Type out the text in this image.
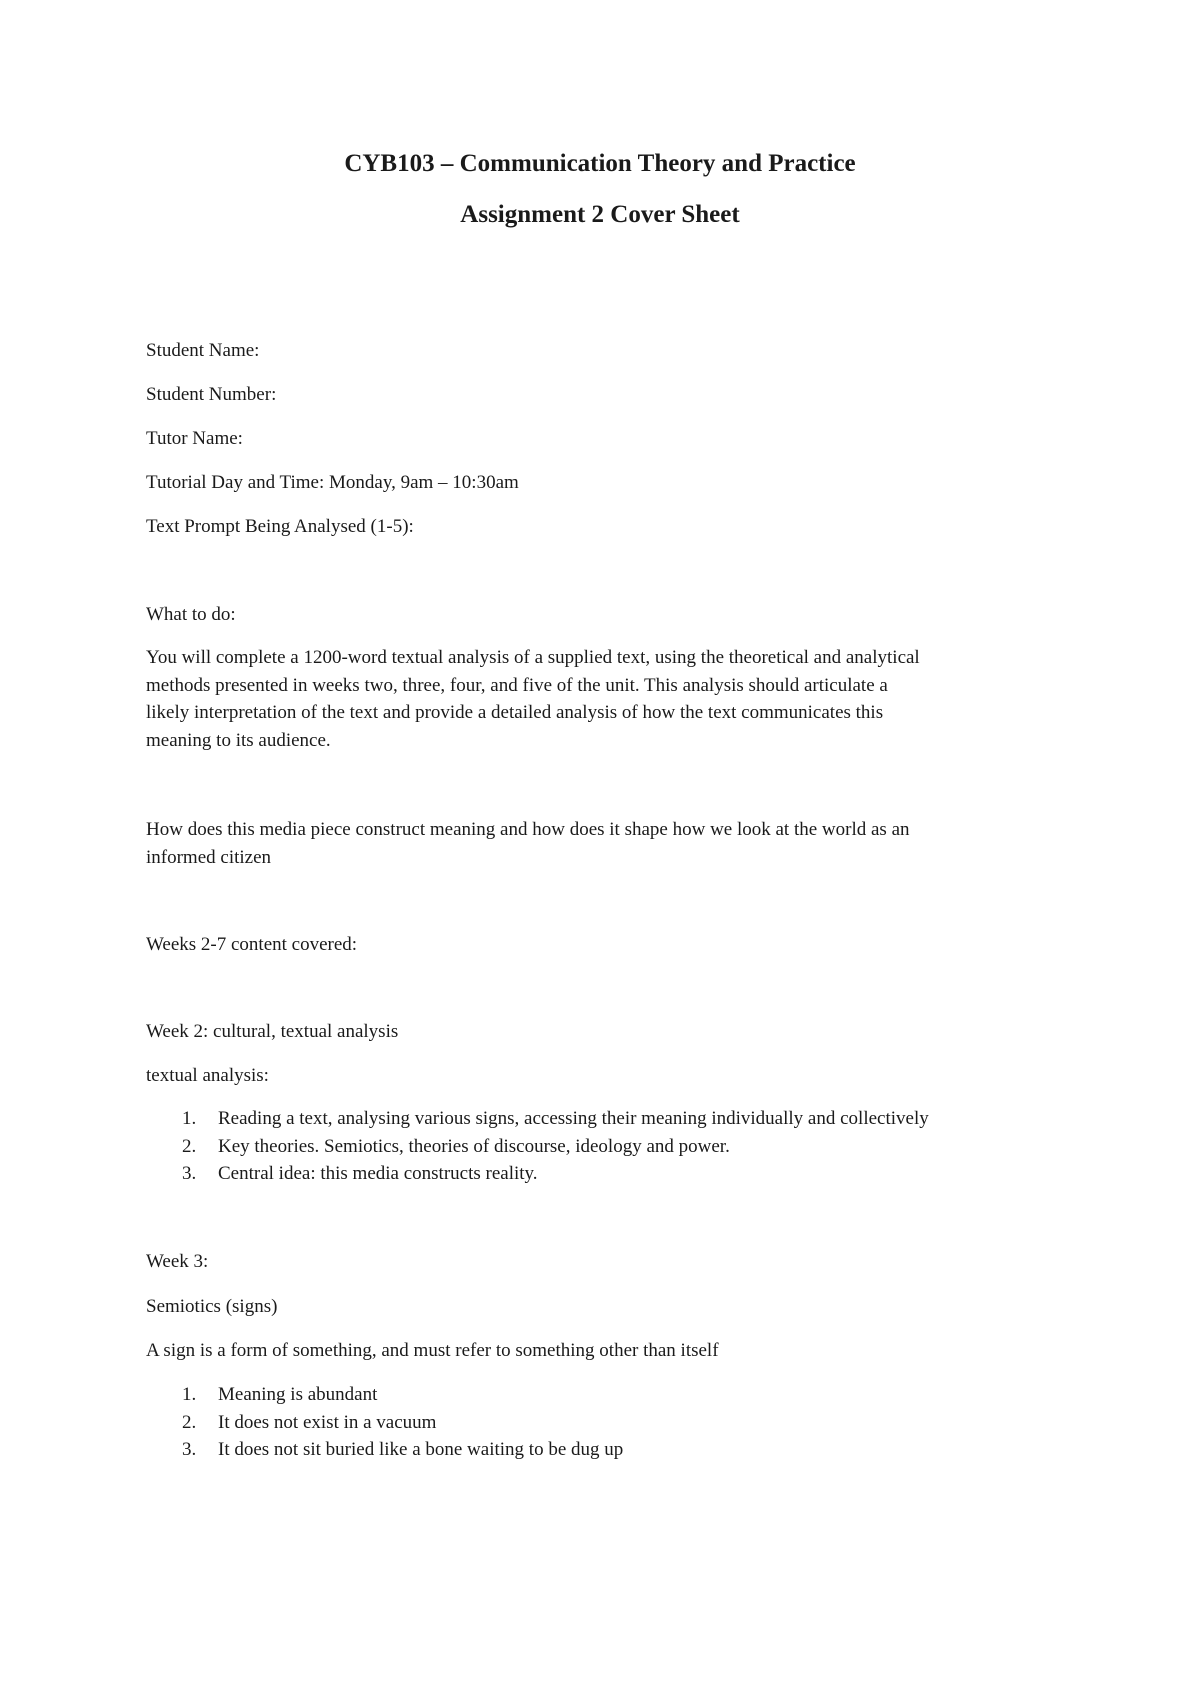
CYB103 – Communication Theory and Practice
Assignment 2 Cover Sheet
Student Name:
Student Number:
Tutor Name:
Tutorial Day and Time: Monday, 9am – 10:30am
Text Prompt Being Analysed (1-5):
What to do:
You will complete a 1200-word textual analysis of a supplied text, using the theoretical and analytical
methods presented in weeks two, three, four, and five of the unit. This analysis should articulate a
likely interpretation of the text and provide a detailed analysis of how the text communicates this
meaning to its audience.
How does this media piece construct meaning and how does it shape how we look at the world as an
informed citizen
Weeks 2-7 content covered:
Week 2: cultural, textual analysis
textual analysis:
1.	Reading a text, analysing various signs, accessing their meaning individually and collectively
2.	Key theories. Semiotics, theories of discourse, ideology and power.
3.	Central idea: this media constructs reality.
Week 3:
Semiotics (signs)
A sign is a form of something, and must refer to something other than itself
1.	Meaning is abundant
2.	It does not exist in a vacuum
3.	It does not sit buried like a bone waiting to be dug up
